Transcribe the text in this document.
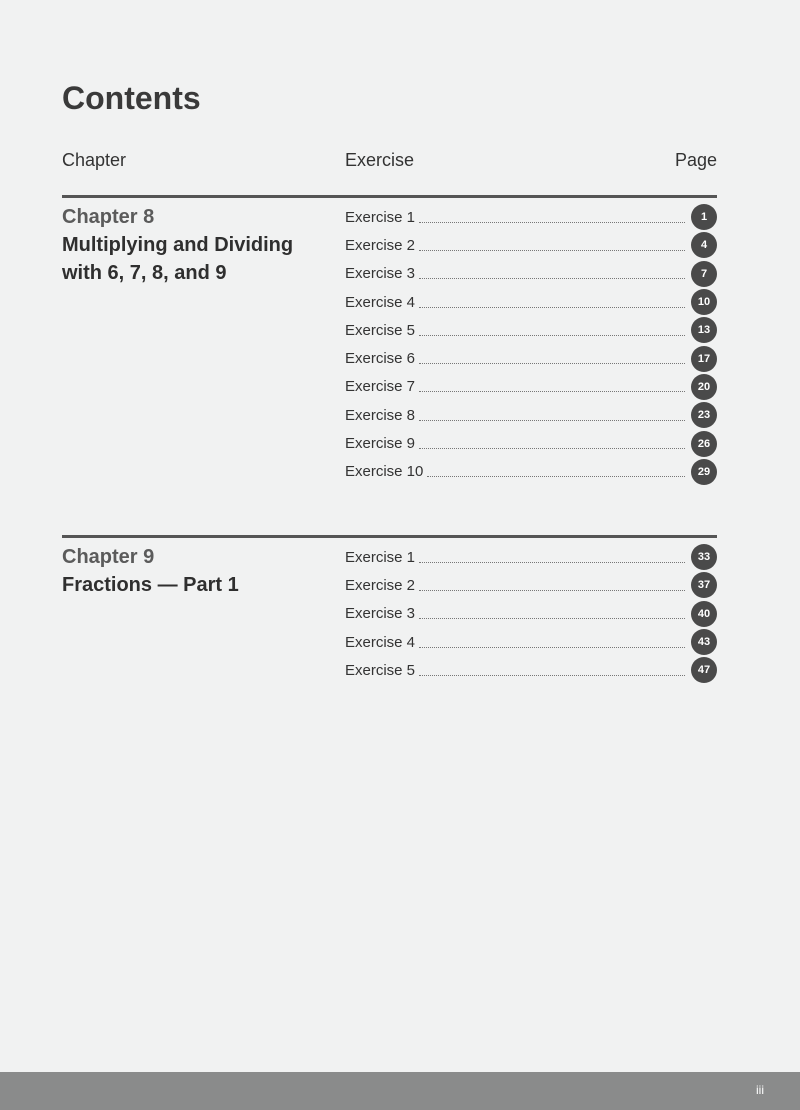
Contents
Chapter	Exercise	Page
Chapter 8
Multiplying and Dividing with 6, 7, 8, and 9
Exercise 1	1
Exercise 2	4
Exercise 3	7
Exercise 4	10
Exercise 5	13
Exercise 6	17
Exercise 7	20
Exercise 8	23
Exercise 9	26
Exercise 10	29
Chapter 9
Fractions — Part 1
Exercise 1	33
Exercise 2	37
Exercise 3	40
Exercise 4	43
Exercise 5	47
iii
